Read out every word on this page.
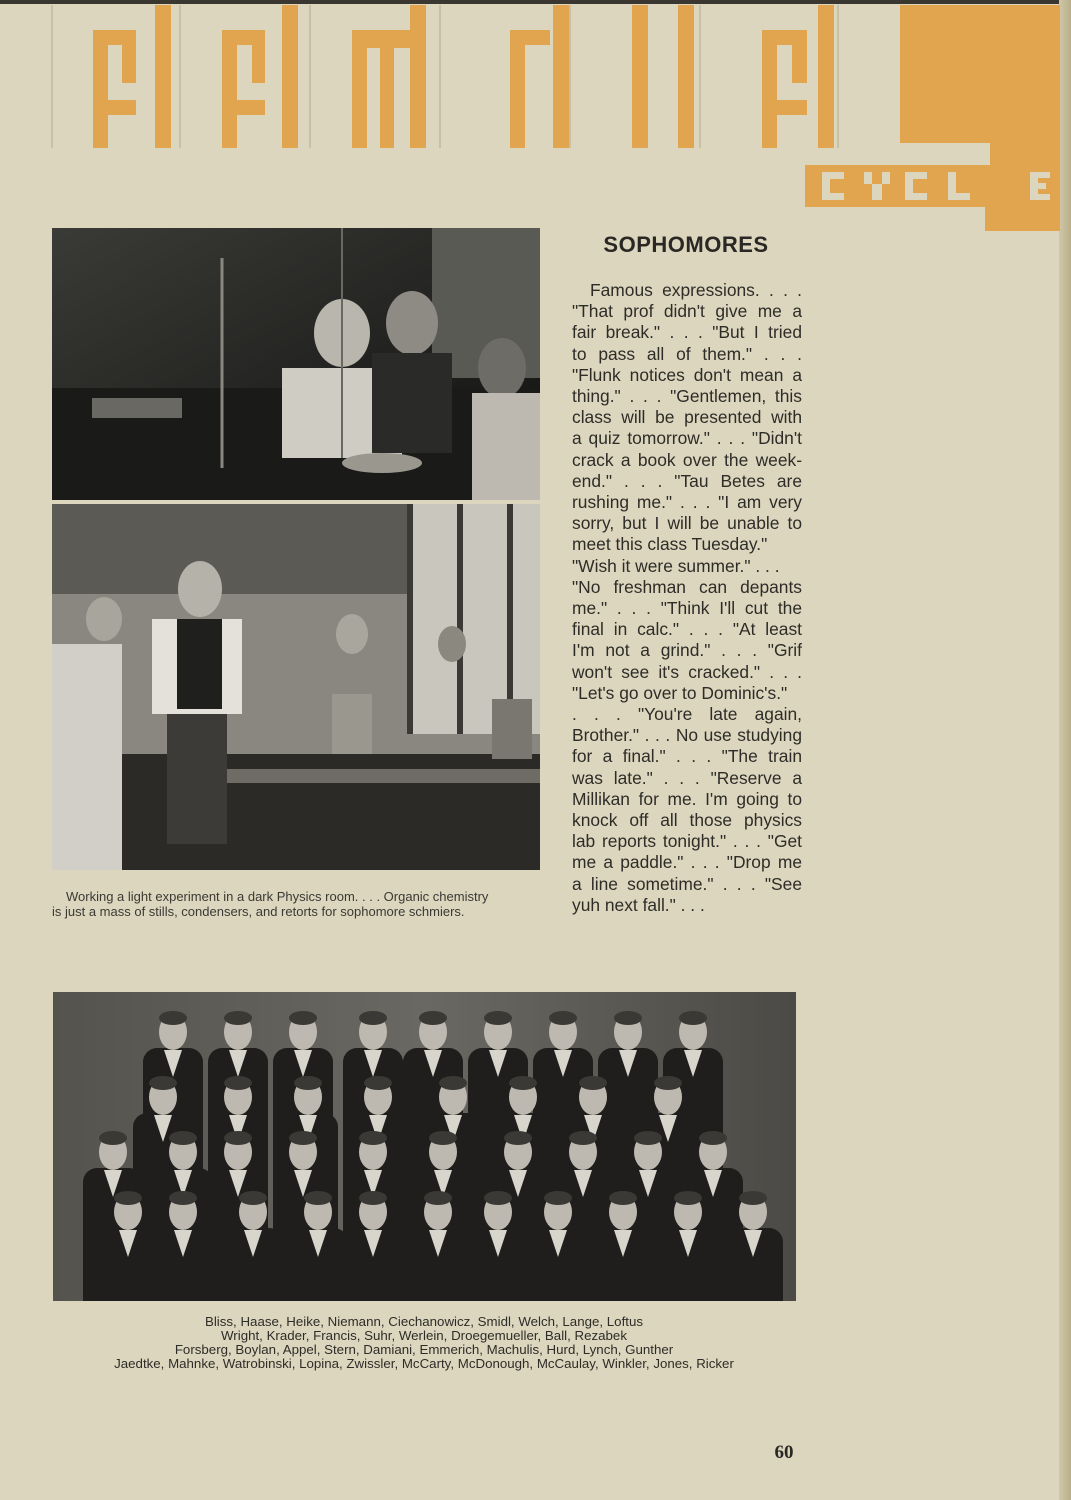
Working a light experiment in a dark Physics room. . . . Organic chemistry
is just a mass of stills, condensers, and retorts for sophomore schmiers.
SOPHOMORES
Famous expressions. . . .
"That prof didn't give me a
fair break." . . . "But I tried
to pass all of them." . . .
"Flunk notices don't mean a
thing." . . . "Gentlemen, this
class will be presented with
a quiz tomorrow." . . . "Didn't
crack a book over the week-
end." . . . "Tau Betes are
rushing me." . . . "I am very
sorry, but I will be unable to
meet this class Tuesday."
"Wish it were summer." . . .
"No freshman can depants
me." . . . "Think I'll cut the
final in calc." . . . "At least
I'm not a grind." . . . "Grif
won't see it's cracked." . . .
"Let's go over to Dominic's."
. . . "You're late again,
Brother." . . . No use studying
for a final." . . . "The train
was late." . . . "Reserve a
Millikan for me. I'm going to
knock off all those physics
lab reports tonight." . . . "Get
me a paddle." . . . "Drop me
a line sometime." . . . "See
yuh next fall." . . .
Bliss, Haase, Heike, Niemann, Ciechanowicz, Smidl, Welch, Lange, Loftus
Wright, Krader, Francis, Suhr, Werlein, Droegemueller, Ball, Rezabek
Forsberg, Boylan, Appel, Stern, Damiani, Emmerich, Machulis, Hurd, Lynch, Gunther
Jaedtke, Mahnke, Watrobinski, Lopina, Zwissler, McCarty, McDonough, McCaulay, Winkler, Jones, Ricker
60
